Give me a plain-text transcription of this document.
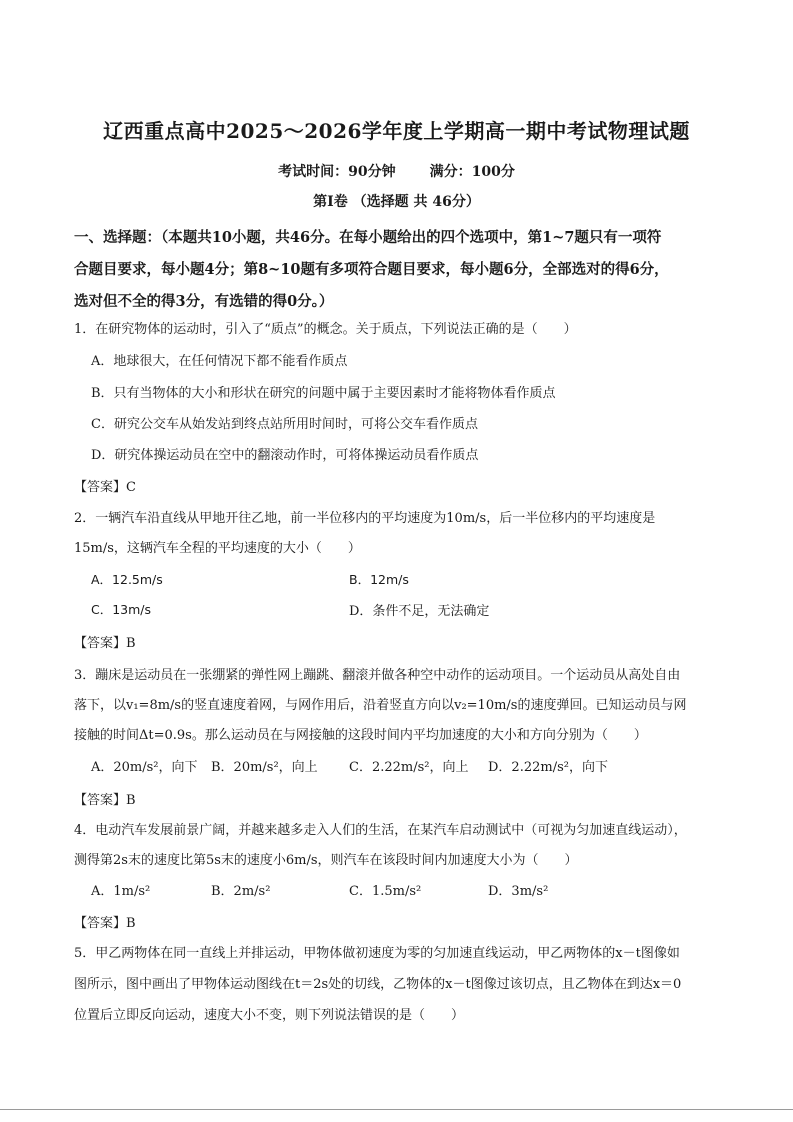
辽西重点高中2025～2026学年度上学期高一期中考试物理试题
考试时间：90分钟 满分：100分
第Ⅰ卷 （选择题 共 46分）
一、选择题：（本题共10小题，共46分。在每小题给出的四个选项中，第1~7题只有一项符
合题目要求，每小题4分；第8~10题有多项符合题目要求，每小题6分，全部选对的得6分，
选对但不全的得3分，有选错的得0分。）
1．在研究物体的运动时，引入了“质点”的概念。关于质点，下列说法正确的是（　　）
A．地球很大，在任何情况下都不能看作质点
B．只有当物体的大小和形状在研究的问题中属于主要因素时才能将物体看作质点
C．研究公交车从始发站到终点站所用时间时，可将公交车看作质点
D．研究体操运动员在空中的翻滚动作时，可将体操运动员看作质点
【答案】C
2．一辆汽车沿直线从甲地开往乙地，前一半位移内的平均速度为10m/s，后一半位移内的平均速度是
15m/s，这辆汽车全程的平均速度的大小（　　）
A．12.5m/s	B．12m/s
C．13m/s	D．条件不足，无法确定
【答案】B
3．蹦床是运动员在一张绷紧的弹性网上蹦跳、翻滚并做各种空中动作的运动项目。一个运动员从高处自由
落下，以v₁=8m/s的竖直速度着网，与网作用后，沿着竖直方向以v₂=10m/s的速度弹回。已知运动员与网
接触的时间Δt=0.9s。那么运动员在与网接触的这段时间内平均加速度的大小和方向分别为（　　）
A．20m/s²，向下 B．20m/s²，向上 C．2.22m/s²，向上 D．2.22m/s²，向下
【答案】B
4．电动汽车发展前景广阔，并越来越多走入人们的生活，在某汽车启动测试中（可视为匀加速直线运动），
测得第2s末的速度比第5s末的速度小6m/s，则汽车在该段时间内加速度大小为（　　）
A．1m/s²	B．2m/s²	C．1.5m/s²	D．3m/s²
【答案】B
5．甲乙两物体在同一直线上并排运动，甲物体做初速度为零的匀加速直线运动，甲乙两物体的x－t图像如
图所示，图中画出了甲物体运动图线在t＝2s处的切线，乙物体的x－t图像过该切点，且乙物体在到达x＝0
位置后立即反向运动，速度大小不变，则下列说法错误的是（　　）
